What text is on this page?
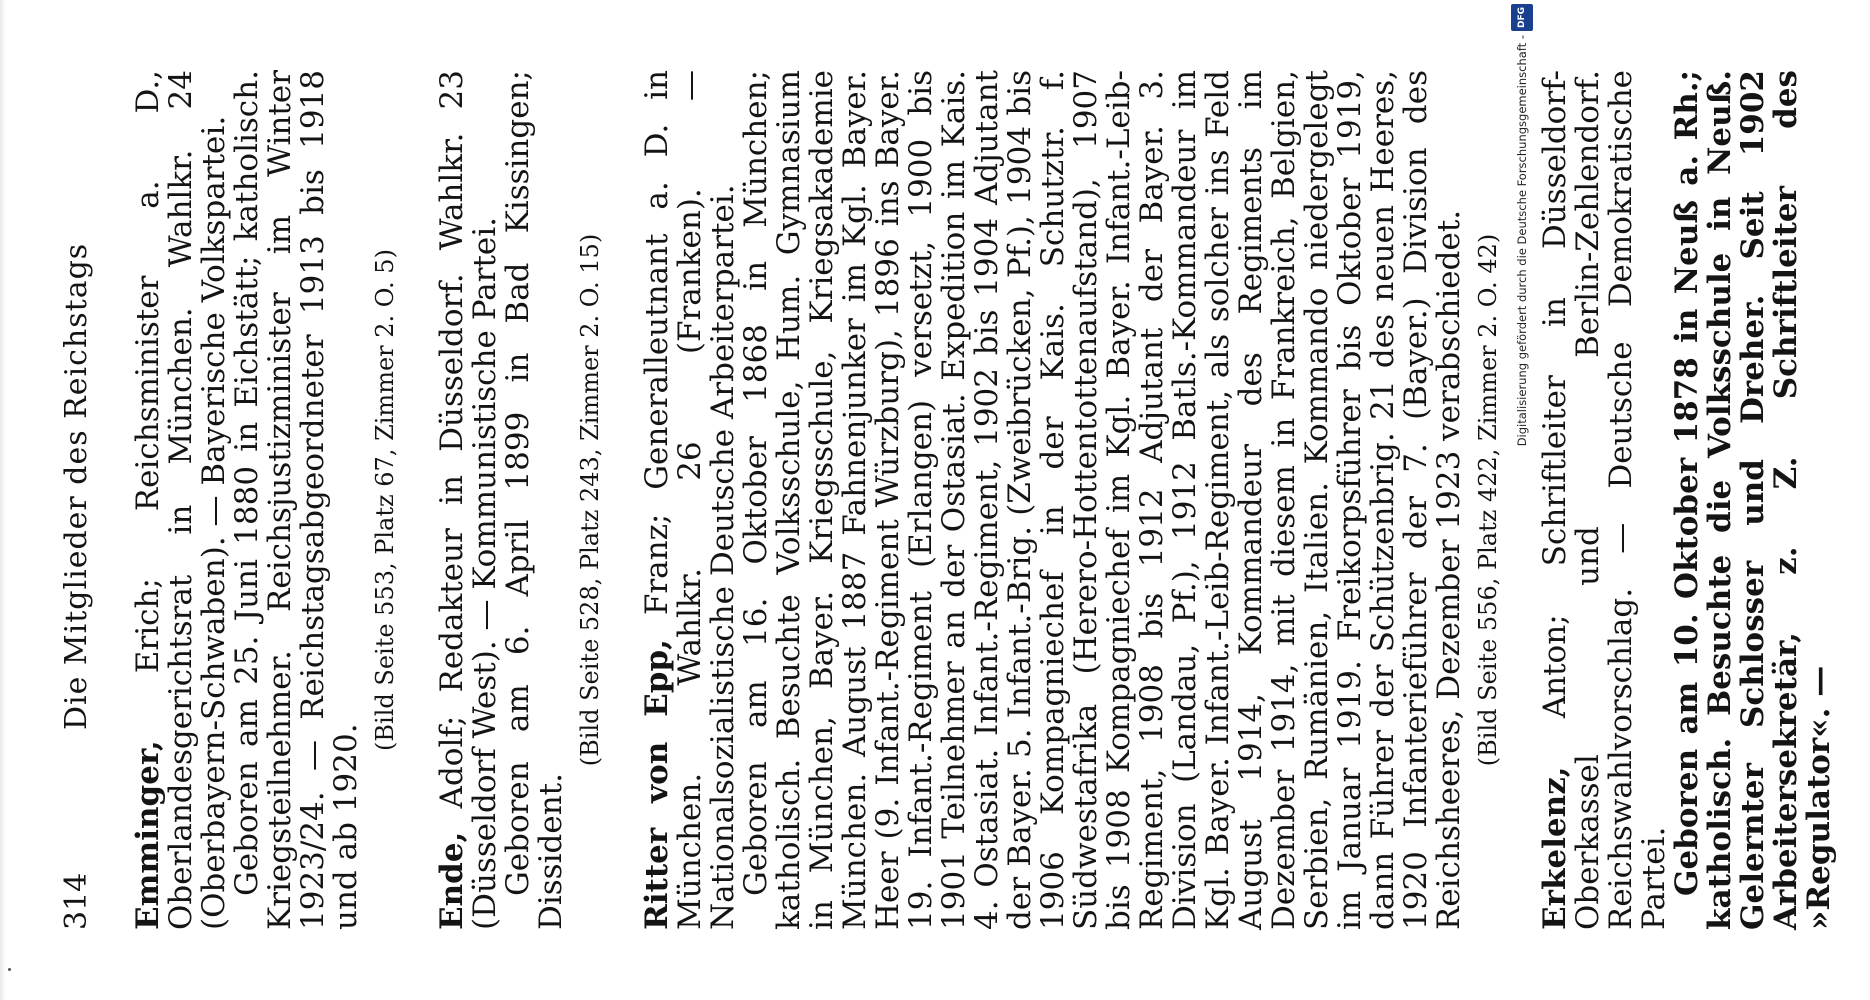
314
Die Mitglieder des Reichstags

Emminger, Erich; Reichsminister a. D., Oberlandesgerichtsrat in München. Wahlkr. 24 (Oberbayern-Schwaben). — Bayerische Volkspartei.

Geboren am 25. Juni 1880 in Eichstätt; katholisch. Kriegsteilnehmer. Reichsjustizminister im Winter 1923/24. — Reichstagsabgeordneter 1913 bis 1918 und ab 1920.

(Bild Seite 553, Platz 67, Zimmer 2. O. 5)

Ende, Adolf; Redakteur in Düsseldorf. Wahlkr. 23 (Düsseldorf West). — Kommunistische Partei.

Geboren am 6. April 1899 in Bad Kissingen; Dissident.

(Bild Seite 528, Platz 243, Zimmer 2. O. 15)

Ritter von Epp, Franz; Generalleutnant a. D. in München. Wahlkr. 26 (Franken). — Nationalsozialistische Deutsche Arbeiterpartei.

Geboren am 16. Oktober 1868 in München; katholisch. Besuchte Volksschule, Hum. Gymnasium in München, Bayer. Kriegsschule, Kriegsakademie München. August 1887 Fahnenjunker im Kgl. Bayer. Heer (9. Infant.-Regiment Würzburg), 1896 ins Bayer. 19. Infant.-Regiment (Erlangen) versetzt, 1900 bis 1901 Teilnehmer an der Ostasiat. Expedition im Kais. 4. Ostasiat. Infant.-Regiment, 1902 bis 1904 Adjutant der Bayer. 5. Infant.-Brig. (Zweibrücken, Pf.), 1904 bis 1906 Kompagniechef in der Kais. Schutztr. f. Südwestafrika (Herero-Hottentottenaufstand), 1907 bis 1908 Kompagniechef im Kgl. Bayer. Infant.-Leib-Regiment, 1908 bis 1912 Adjutant der Bayer. 3. Division (Landau, Pf.), 1912 Batls.-Kommandeur im Kgl. Bayer. Infant.-Leib-Regiment, als solcher ins Feld August 1914, Kommandeur des Regiments im Dezember 1914, mit diesem in Frankreich, Belgien, Serbien, Rumänien, Italien. Kommando niedergelegt im Januar 1919. Freikorpsführer bis Oktober 1919, dann Führer der Schützenbrig. 21 des neuen Heeres, 1920 Infanterieführer der 7. (Bayer.) Division des Reichsheeres, Dezember 1923 verabschiedet. (Bild Seite 556, Platz 422, Zimmer 2. O. 42)

Erkelenz, Anton; Schriftleiter in Düsseldorf-Oberkassel und Berlin-Zehlendorf. Reichswahlvorschlag. — Deutsche Demokratische Partei.

Geboren am 10. Oktober 1878 in Neuß a. Rh.; katholisch. Besuchte die Volksschule in Neuß. Gelernter Schlosser und Dreher. Seit 1902 Arbeitersekretär, z. Z. Schriftleiter des »Regulator«. —

Digitalisierung gefördert durch die Deutsche Forschungsgemeinschaft -
DFG
